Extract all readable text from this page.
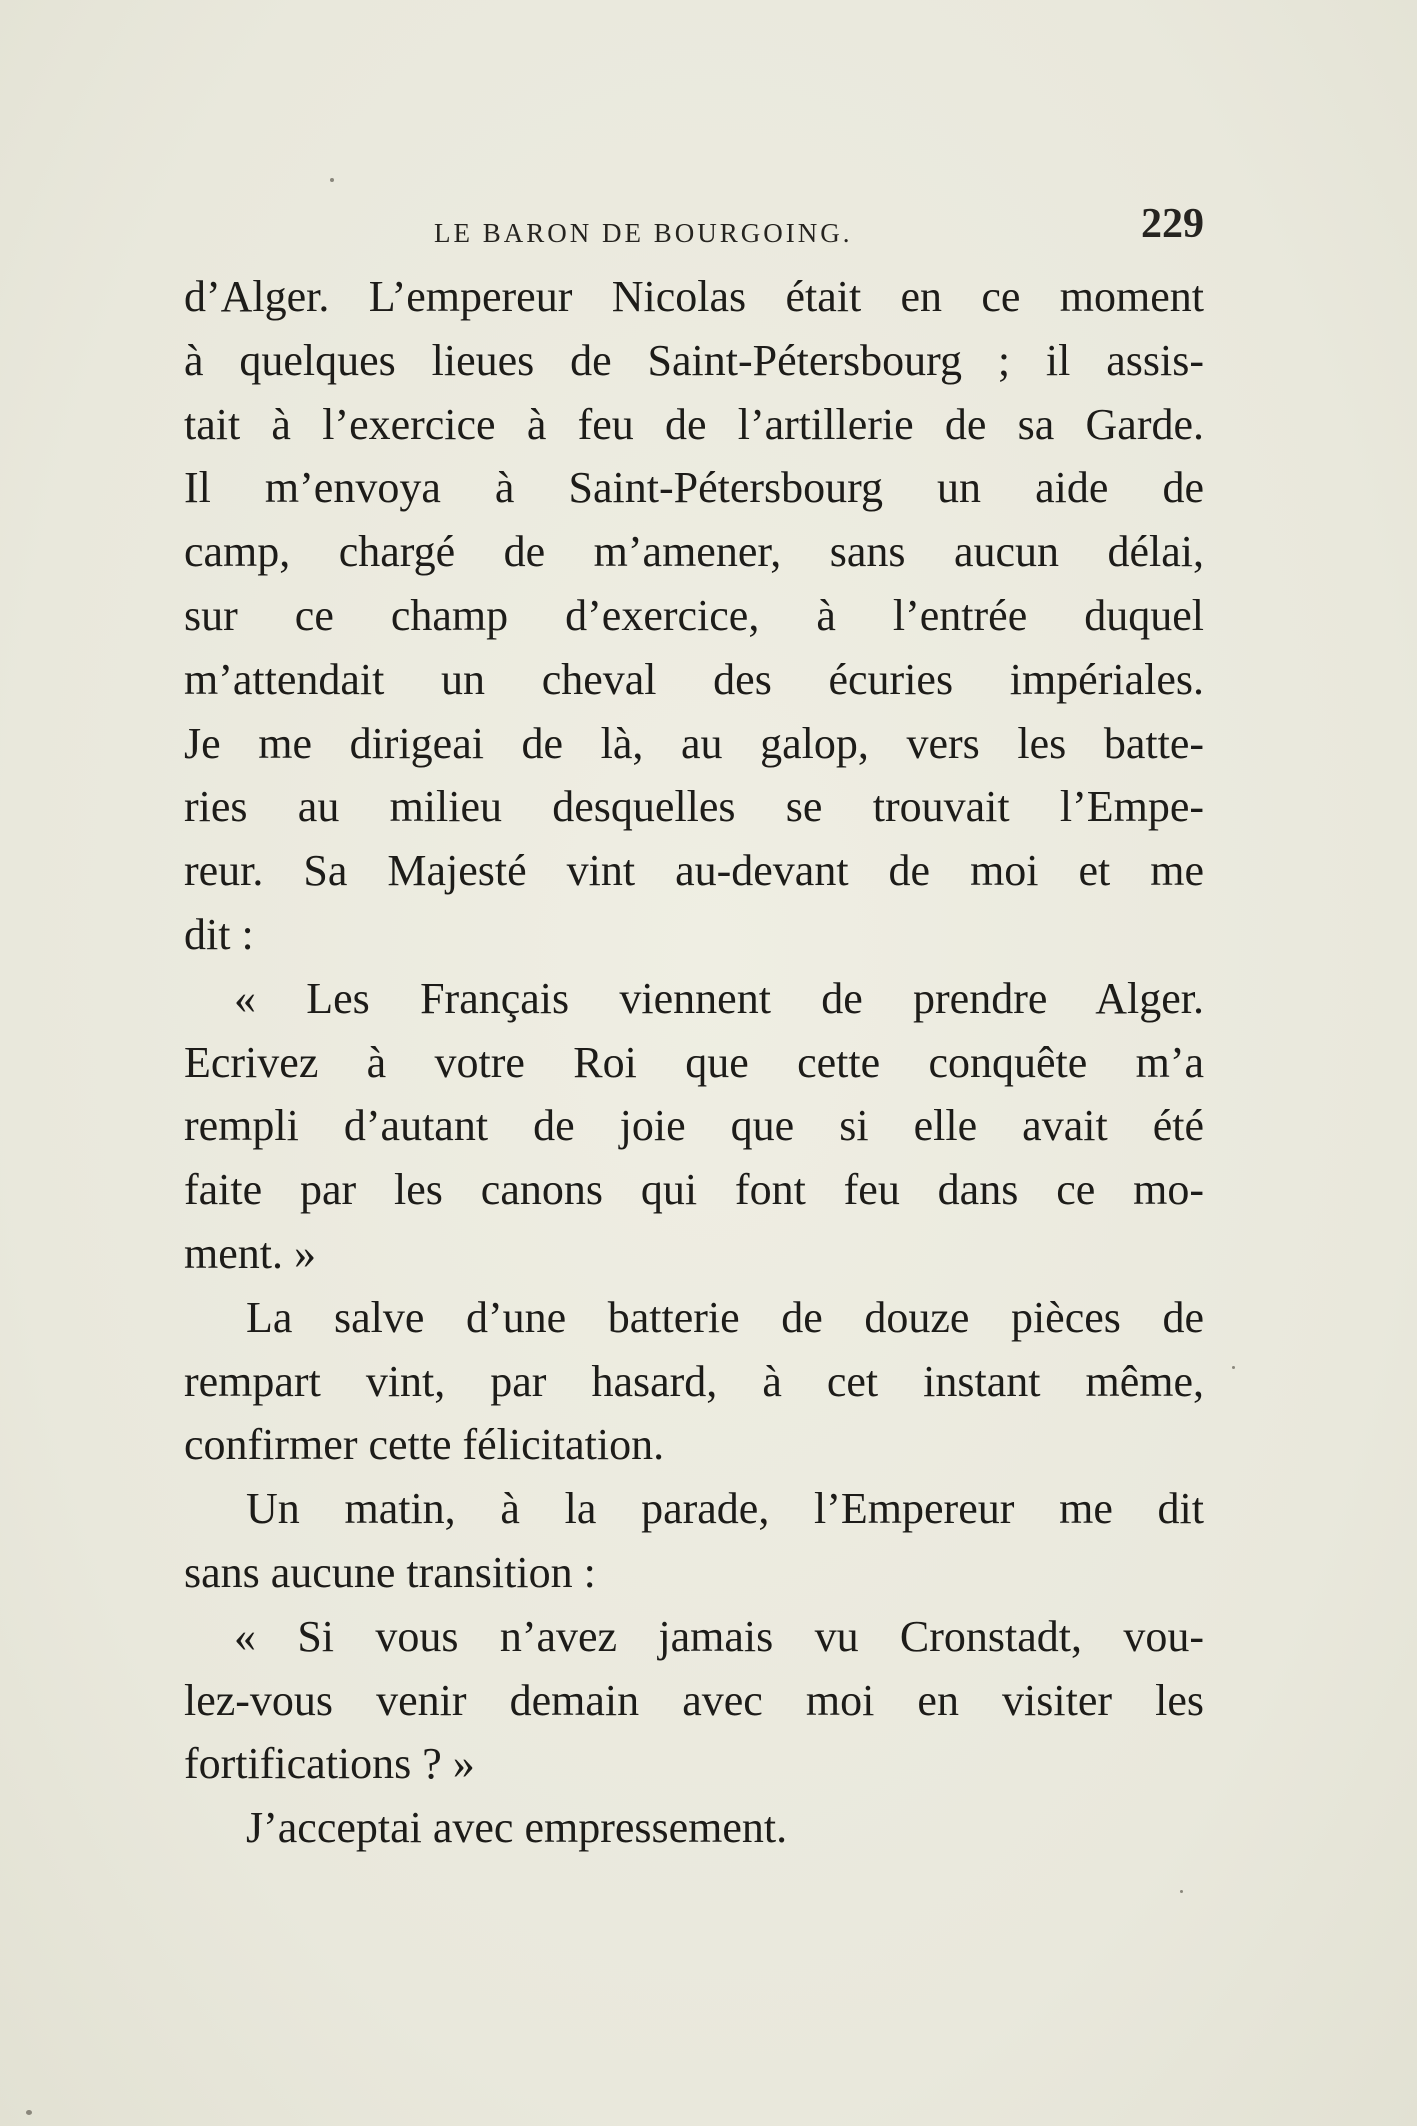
LE BARON DE BOURGOING.	229
d’Alger. L’empereur Nicolas était en ce moment
à quelques lieues de Saint-Pétersbourg ; il assis-
tait à l’exercice à feu de l’artillerie de sa Garde.
Il m’envoya à Saint-Pétersbourg un aide de
camp, chargé de m’amener, sans aucun délai,
sur ce champ d’exercice, à l’entrée duquel
m’attendait un cheval des écuries impériales.
Je me dirigeai de là, au galop, vers les batte-
ries au milieu desquelles se trouvait l’Empe-
reur. Sa Majesté vint au-devant de moi et me
dit :
« Les Français viennent de prendre Alger.
Ecrivez à votre Roi que cette conquête m’a
rempli d’autant de joie que si elle avait été
faite par les canons qui font feu dans ce mo-
ment. »
La salve d’une batterie de douze pièces de
rempart vint, par hasard, à cet instant même,
confirmer cette félicitation.
Un matin, à la parade, l’Empereur me dit
sans aucune transition :
« Si vous n’avez jamais vu Cronstadt, vou-
lez-vous venir demain avec moi en visiter les
fortifications ? »
J’acceptai avec empressement.
